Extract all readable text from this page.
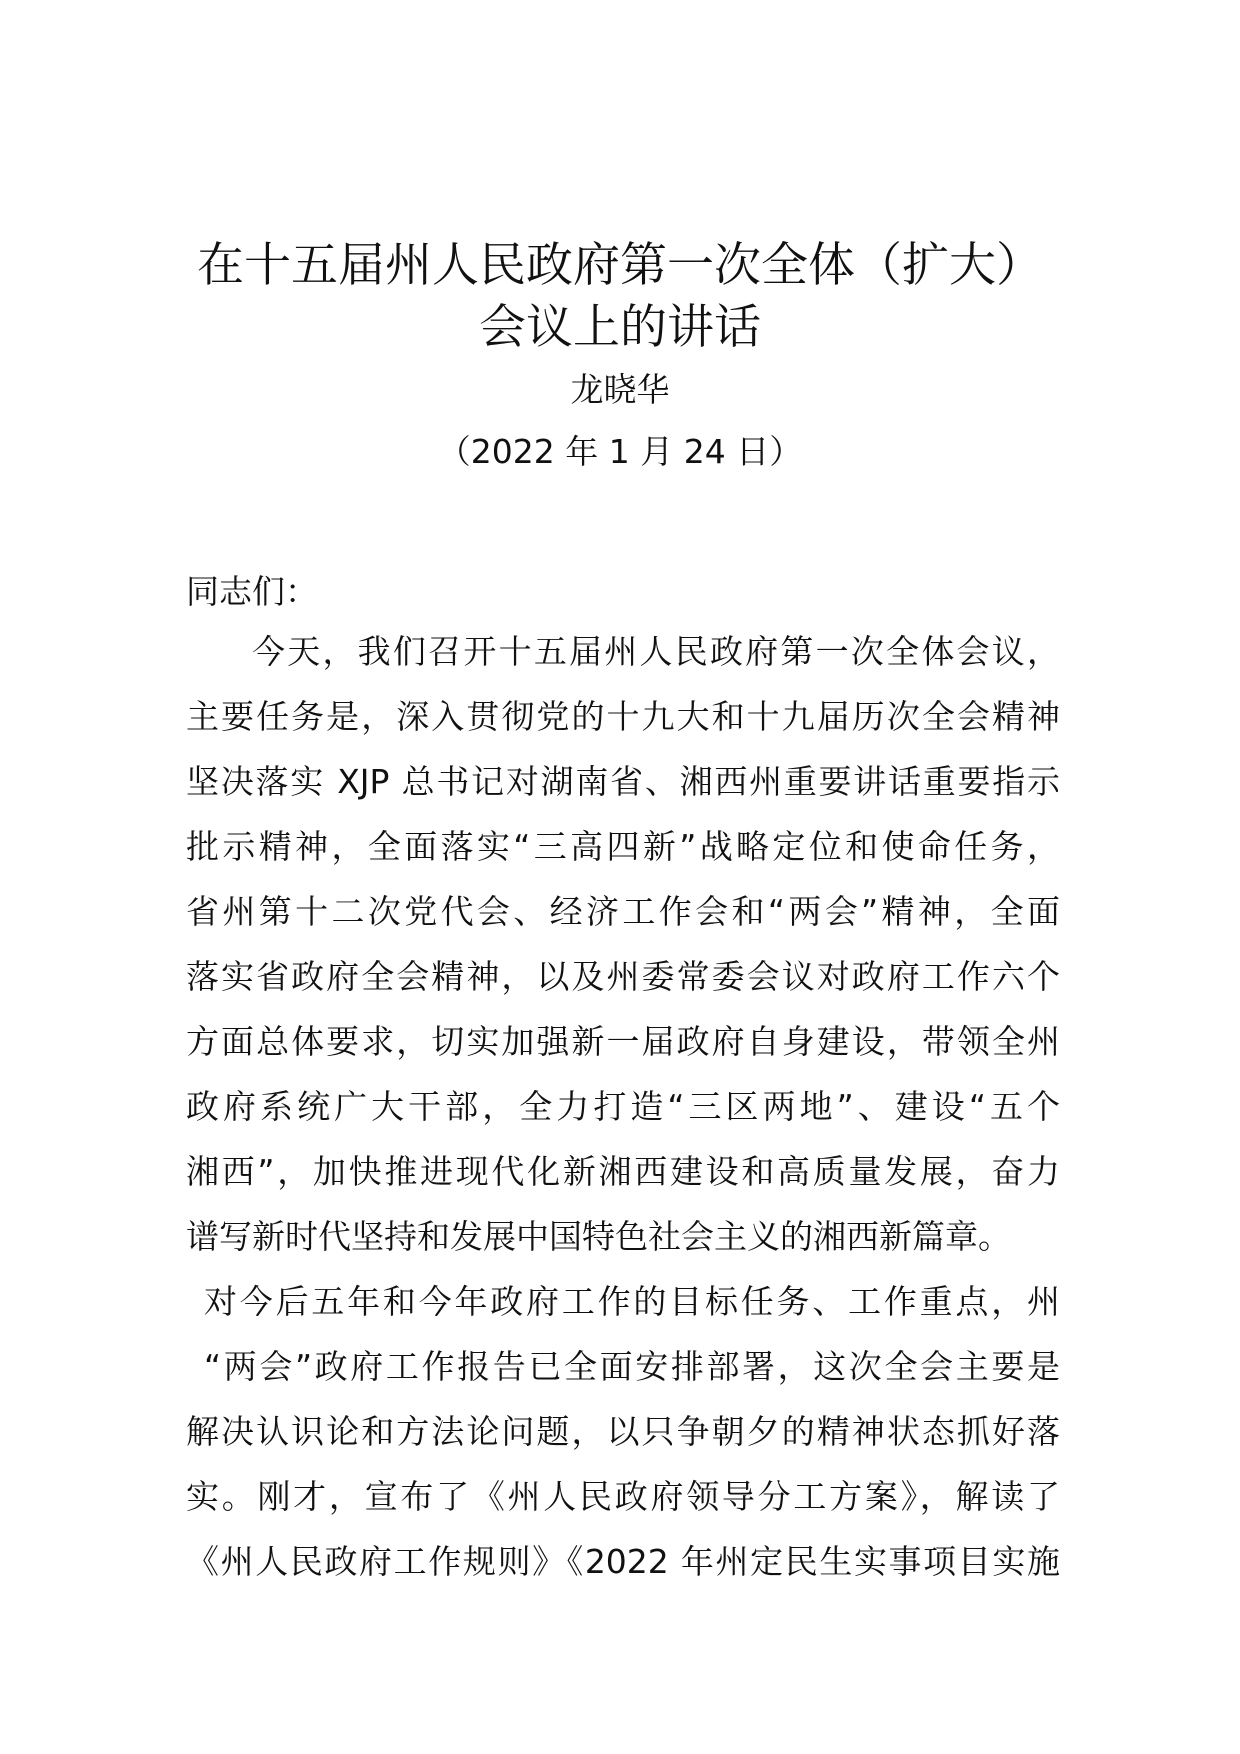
在十五届州人民政府第一次全体（扩大）
会议上的讲话
龙晓华
（2022 年 1 月 24 日）
同志们：
今天，我们召开十五届州人民政府第一次全体会议，
主要任务是，深入贯彻党的十九大和十九届历次全会精神
坚决落实 XJP 总书记对湖南省、湘西州重要讲话重要指示
批示精神，全面落实“三高四新”战略定位和使命任务，
省州第十二次党代会、经济工作会和“两会”精神，全面
落实省政府全会精神，以及州委常委会议对政府工作六个
方面总体要求，切实加强新一届政府自身建设，带领全州
政府系统广大干部，全力打造“三区两地”、建设“五个
湘西”，加快推进现代化新湘西建设和高质量发展，奋力
谱写新时代坚持和发展中国特色社会主义的湘西新篇章。
对今后五年和今年政府工作的目标任务、工作重点，州
“两会”政府工作报告已全面安排部署，这次全会主要是
解决认识论和方法论问题，以只争朝夕的精神状态抓好落
实。刚才，宣布了《州人民政府领导分工方案》，解读了
《州人民政府工作规则》《2022 年州定民生实事项目实施
